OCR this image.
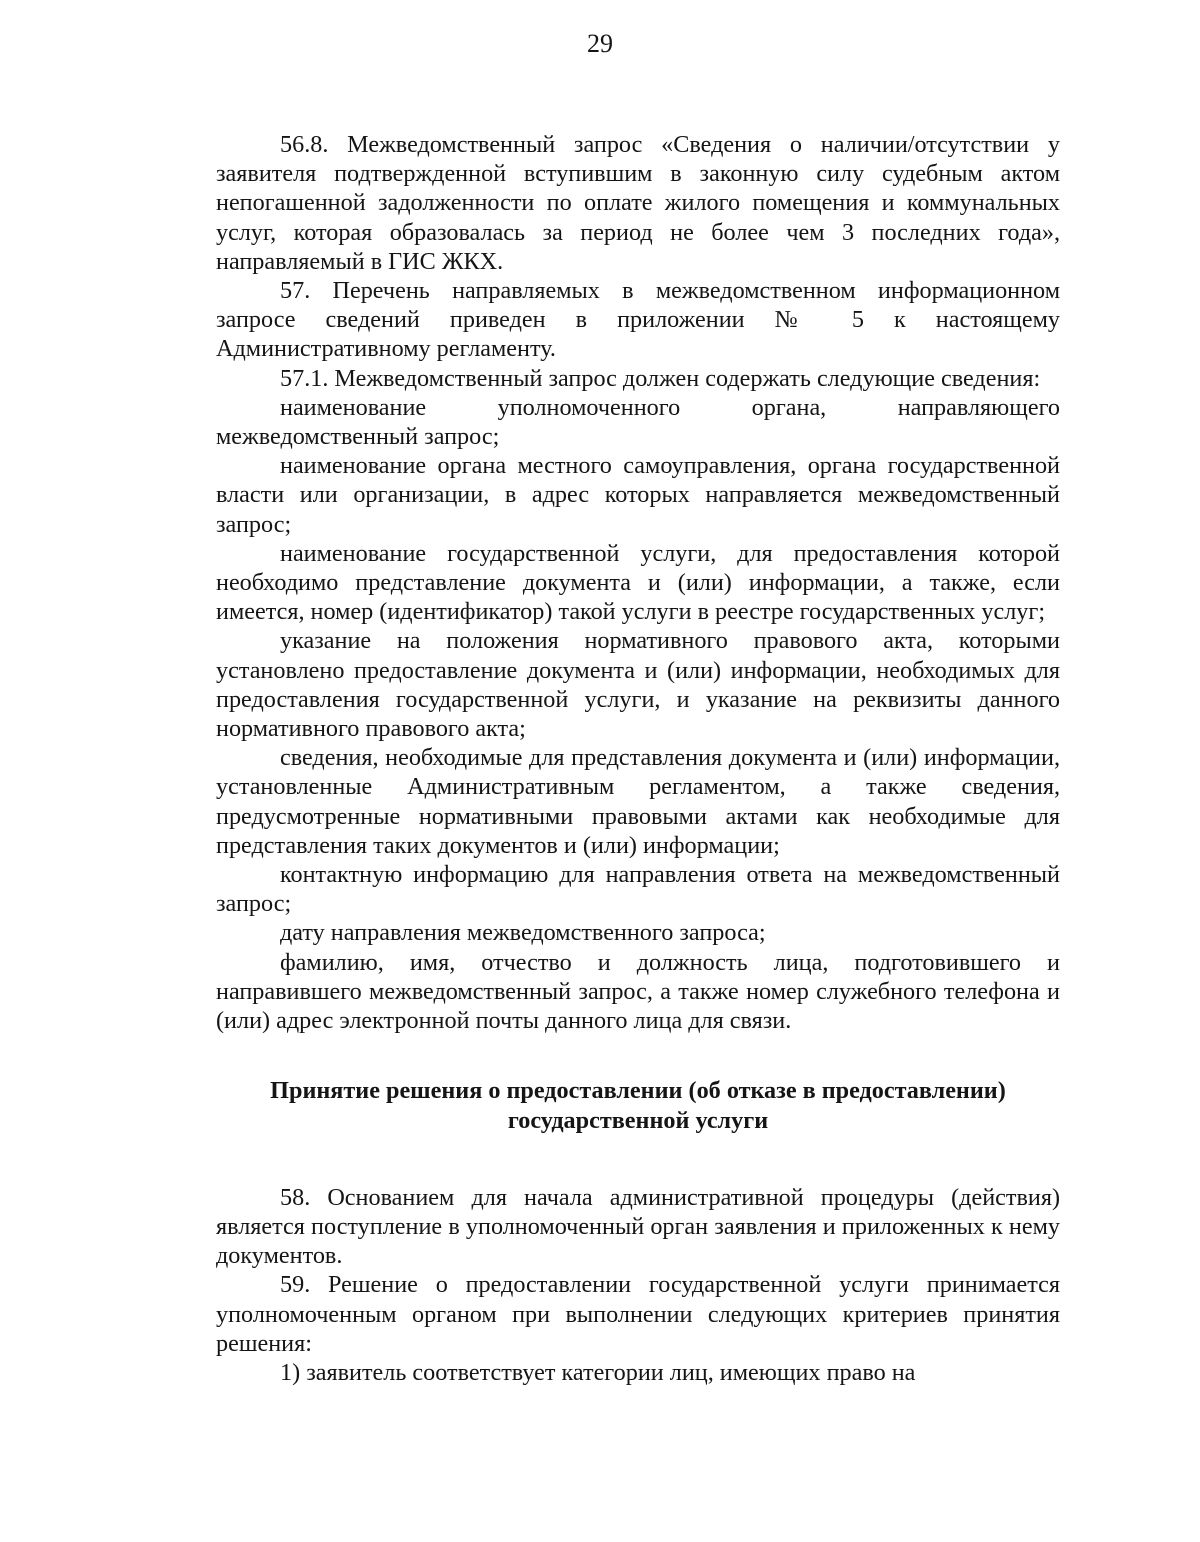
29

56.8. Межведомственный запрос «Сведения о наличии/отсутствии у заявителя подтвержденной вступившим в законную силу судебным актом непогашенной задолженности по оплате жилого помещения и коммунальных услуг, которая образовалась за период не более чем 3 последних года», направляемый в ГИС ЖКХ.

57. Перечень направляемых в межведомственном информационном запросе сведений приведен в приложении № 5 к настоящему Административному регламенту.

57.1. Межведомственный запрос должен содержать следующие сведения:

наименование уполномоченного органа, направляющего межведомственный запрос;

наименование органа местного самоуправления, органа государственной власти или организации, в адрес которых направляется межведомственный запрос;

наименование государственной услуги, для предоставления которой необходимо представление документа и (или) информации, а также, если имеется, номер (идентификатор) такой услуги в реестре государственных услуг;

указание на положения нормативного правового акта, которыми установлено предоставление документа и (или) информации, необходимых для предоставления государственной услуги, и указание на реквизиты данного нормативного правового акта;

сведения, необходимые для представления документа и (или) информации, установленные Административным регламентом, а также сведения, предусмотренные нормативными правовыми актами как необходимые для представления таких документов и (или) информации;

контактную информацию для направления ответа на межведомственный запрос;

дату направления межведомственного запроса;

фамилию, имя, отчество и должность лица, подготовившего и направившего межведомственный запрос, а также номер служебного телефона и (или) адрес электронной почты данного лица для связи.

Принятие решения о предоставлении (об отказе в предоставлении)
государственной услуги

58. Основанием для начала административной процедуры (действия) является поступление в уполномоченный орган заявления и приложенных к нему документов.

59. Решение о предоставлении государственной услуги принимается уполномоченным органом при выполнении следующих критериев принятия решения:

1) заявитель соответствует категории лиц, имеющих право на
